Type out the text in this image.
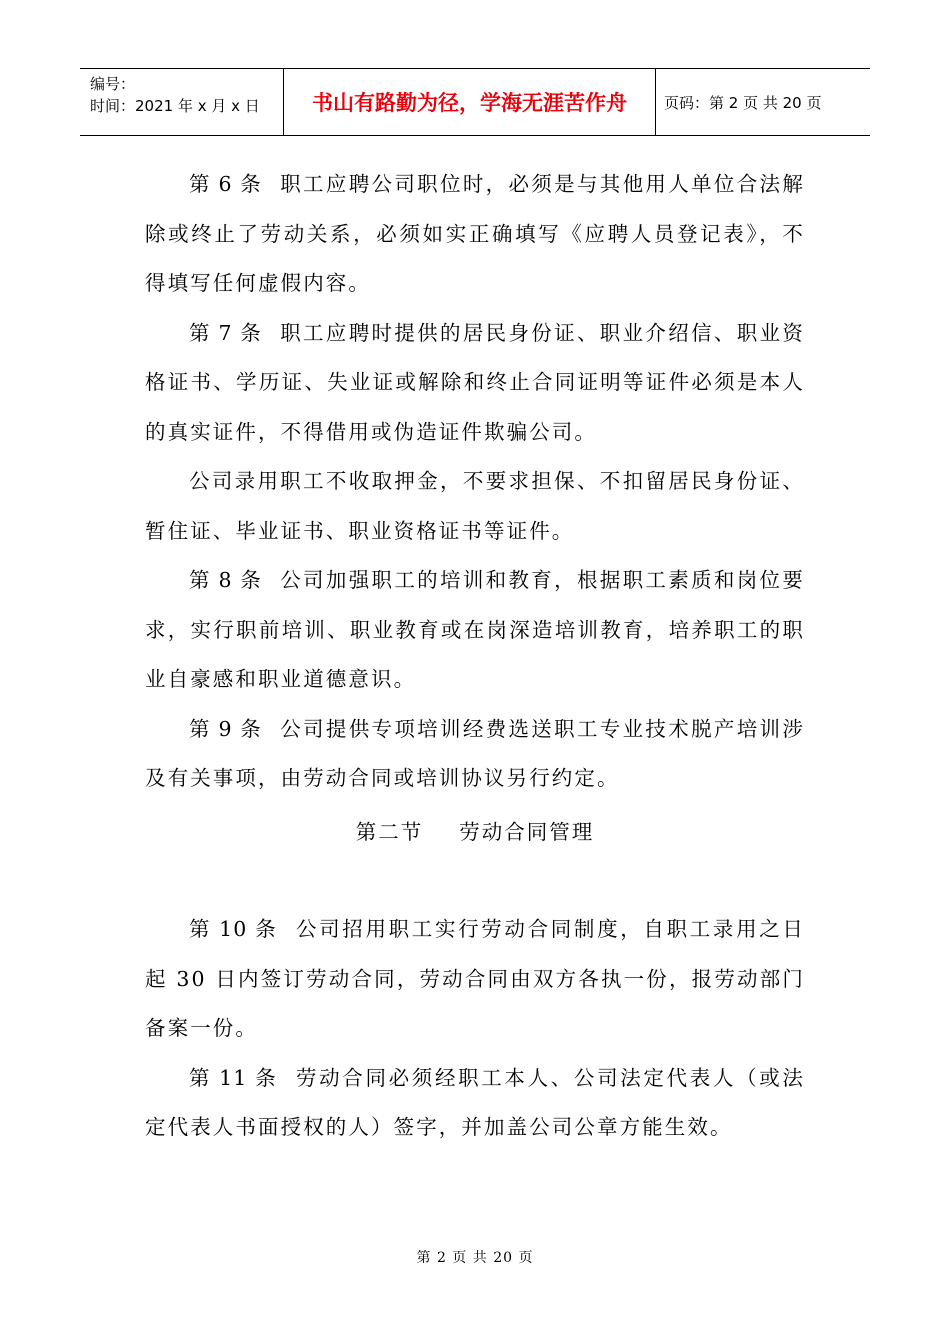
编号：
时间：2021 年 x 月 x 日	书山有路勤为径，学海无涯苦作舟	页码：第 2 页 共 20 页

第 6 条 职工应聘公司职位时，必须是与其他用人单位合法解除或终止了劳动关系，必须如实正确填写《应聘人员登记表》，不得填写任何虚假内容。

第 7 条 职工应聘时提供的居民身份证、职业介绍信、职业资格证书、学历证、失业证或解除和终止合同证明等证件必须是本人的真实证件，不得借用或伪造证件欺骗公司。

公司录用职工不收取押金，不要求担保、不扣留居民身份证、暂住证、毕业证书、职业资格证书等证件。

第 8 条 公司加强职工的培训和教育，根据职工素质和岗位要求，实行职前培训、职业教育或在岗深造培训教育，培养职工的职业自豪感和职业道德意识。

第 9 条 公司提供专项培训经费选送职工专业技术脱产培训涉及有关事项，由劳动合同或培训协议另行约定。

第二节 劳动合同管理

第 10 条 公司招用职工实行劳动合同制度，自职工录用之日起 30 日内签订劳动合同，劳动合同由双方各执一份，报劳动部门备案一份。

第 11 条 劳动合同必须经职工本人、公司法定代表人（或法定代表人书面授权的人）签字，并加盖公司公章方能生效。

第 2 页 共 20 页
